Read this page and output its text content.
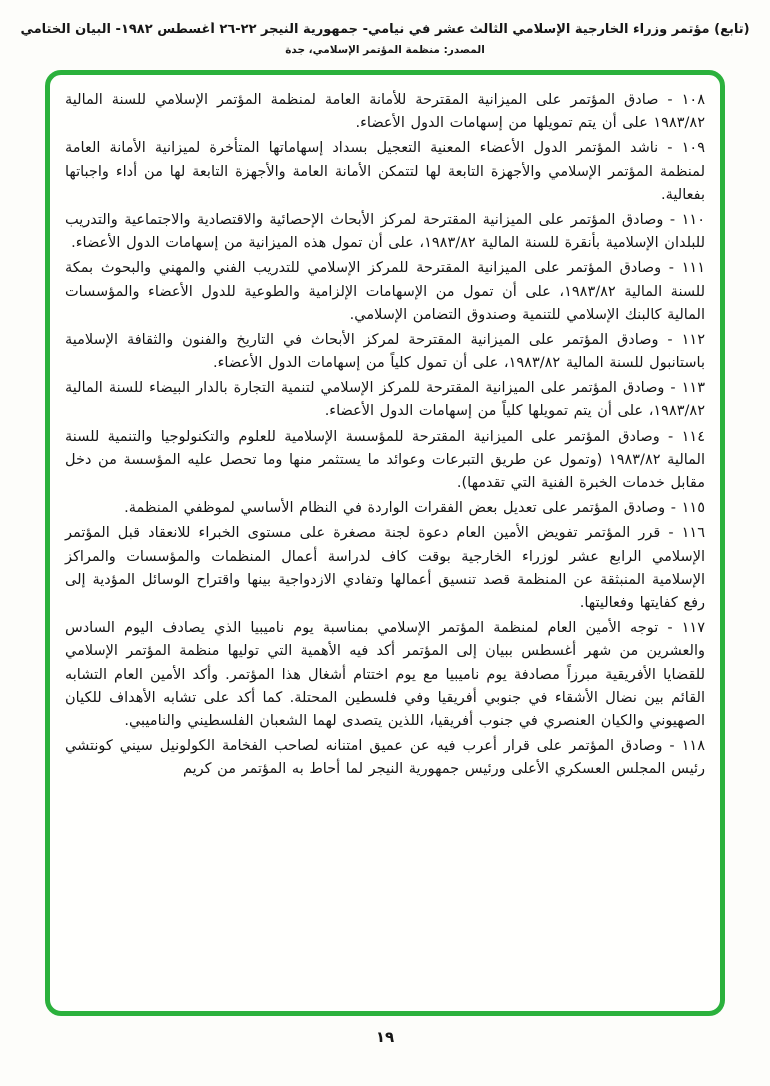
(تابع) مؤتمر وزراء الخارجية الإسلامي الثالث عشر في نيامي- جمهورية النيجر ٢٢-٢٦ أغسطس ١٩٨٢- البيان الختامي
المصدر: منظمة المؤتمر الإسلامي، جدة

١٠٨ - صادق المؤتمر على الميزانية المقترحة للأمانة العامة لمنظمة المؤتمر الإسلامي للسنة المالية ١٩٨٣/٨٢ على أن يتم تمويلها من إسهامات الدول الأعضاء.

١٠٩ - ناشد المؤتمر الدول الأعضاء المعنية التعجيل بسداد إسهاماتها المتأخرة لميزانية الأمانة العامة لمنظمة المؤتمر الإسلامي والأجهزة التابعة لها لتتمكن الأمانة العامة والأجهزة التابعة لها من أداء واجباتها بفعالية.

١١٠ - وصادق المؤتمر على الميزانية المقترحة لمركز الأبحاث الإحصائية والاقتصادية والاجتماعية والتدريب للبلدان الإسلامية بأنقرة للسنة المالية ١٩٨٣/٨٢، على أن تمول هذه الميزانية من إسهامات الدول الأعضاء.

١١١ - وصادق المؤتمر على الميزانية المقترحة للمركز الإسلامي للتدريب الفني والمهني والبحوث بمكة للسنة المالية ١٩٨٣/٨٢، على أن تمول من الإسهامات الإلزامية والطوعية للدول الأعضاء والمؤسسات المالية كالبنك الإسلامي للتنمية وصندوق التضامن الإسلامي.

١١٢ - وصادق المؤتمر على الميزانية المقترحة لمركز الأبحاث في التاريخ والفنون والثقافة الإسلامية باستانبول للسنة المالية ١٩٨٣/٨٢، على أن تمول كلياً من إسهامات الدول الأعضاء.

١١٣ - وصادق المؤتمر على الميزانية المقترحة للمركز الإسلامي لتنمية التجارة بالدار البيضاء للسنة المالية ١٩٨٣/٨٢، على أن يتم تمويلها كلياً من إسهامات الدول الأعضاء.

١١٤ - وصادق المؤتمر على الميزانية المقترحة للمؤسسة الإسلامية للعلوم والتكنولوجيا والتنمية للسنة المالية ١٩٨٣/٨٢ (وتمول عن طريق التبرعات وعوائد ما يستثمر منها وما تحصل عليه المؤسسة من دخل مقابل خدمات الخبرة الفنية التي تقدمها).

١١٥ - وصادق المؤتمر على تعديل بعض الفقرات الواردة في النظام الأساسي لموظفي المنظمة.

١١٦ - قرر المؤتمر تفويض الأمين العام دعوة لجنة مصغرة على مستوى الخبراء للانعقاد قبل المؤتمر الإسلامي الرابع عشر لوزراء الخارجية بوقت كاف لدراسة أعمال المنظمات والمؤسسات والمراكز الإسلامية المنبثقة عن المنظمة قصد تنسيق أعمالها وتفادي الازدواجية بينها واقتراح الوسائل المؤدية إلى رفع كفايتها وفعاليتها.

١١٧ - توجه الأمين العام لمنظمة المؤتمر الإسلامي بمناسبة يوم ناميبيا الذي يصادف اليوم السادس والعشرين من شهر أغسطس ببيان إلى المؤتمر أكد فيه الأهمية التي توليها منظمة المؤتمر الإسلامي للقضايا الأفريقية مبرزاً مصادفة يوم ناميبيا مع يوم اختتام أشغال هذا المؤتمر. وأكد الأمين العام التشابه القائم بين نضال الأشقاء في جنوبي أفريقيا وفي فلسطين المحتلة. كما أكد على تشابه الأهداف للكيان الصهيوني والكيان العنصري في جنوب أفريقيا، اللذين يتصدى لهما الشعبان الفلسطيني والناميبي.

١١٨ - وصادق المؤتمر على قرار أعرب فيه عن عميق امتنانه لصاحب الفخامة الكولونيل سيني كونتشي رئيس المجلس العسكري الأعلى ورئيس جمهورية النيجر لما أحاط به المؤتمر من كريم

١٩
